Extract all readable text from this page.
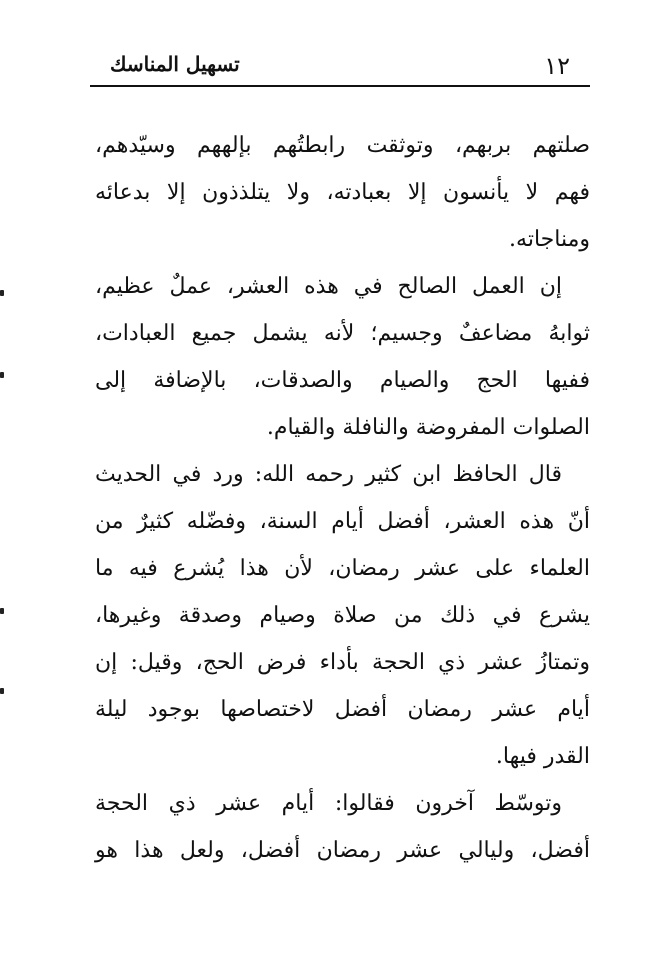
تسهيل المناسك	١٢
صلتهم بربهم، وتوثقت رابطتُهم بإلههم وسيّدهم،
فهم لا يأنسون إلا بعبادته، ولا يتلذذون إلا بدعائه
ومناجاته.
إن العمل الصالح في هذه العشر، عملٌ عظيم،
ثوابهُ مضاعفٌ وجسيم؛ لأنه يشمل جميع العبادات،
ففيها الحج والصيام والصدقات، بالإضافة إلى
الصلوات المفروضة والنافلة والقيام.
قال الحافظ ابن كثير رحمه الله: ورد في الحديث
أنّ هذه العشر، أفضل أيام السنة، وفضّله كثيرٌ من
العلماء على عشر رمضان، لأن هذا يُشرع فيه ما
يشرع في ذلك من صلاة وصيام وصدقة وغيرها،
وتمتازُ عشر ذي الحجة بأداء فرض الحج، وقيل: إن
أيام عشر رمضان أفضل لاختصاصها بوجود ليلة
القدر فيها.
وتوسّط آخرون فقالوا: أيام عشر ذي الحجة
أفضل، وليالي عشر رمضان أفضل، ولعل هذا هو
